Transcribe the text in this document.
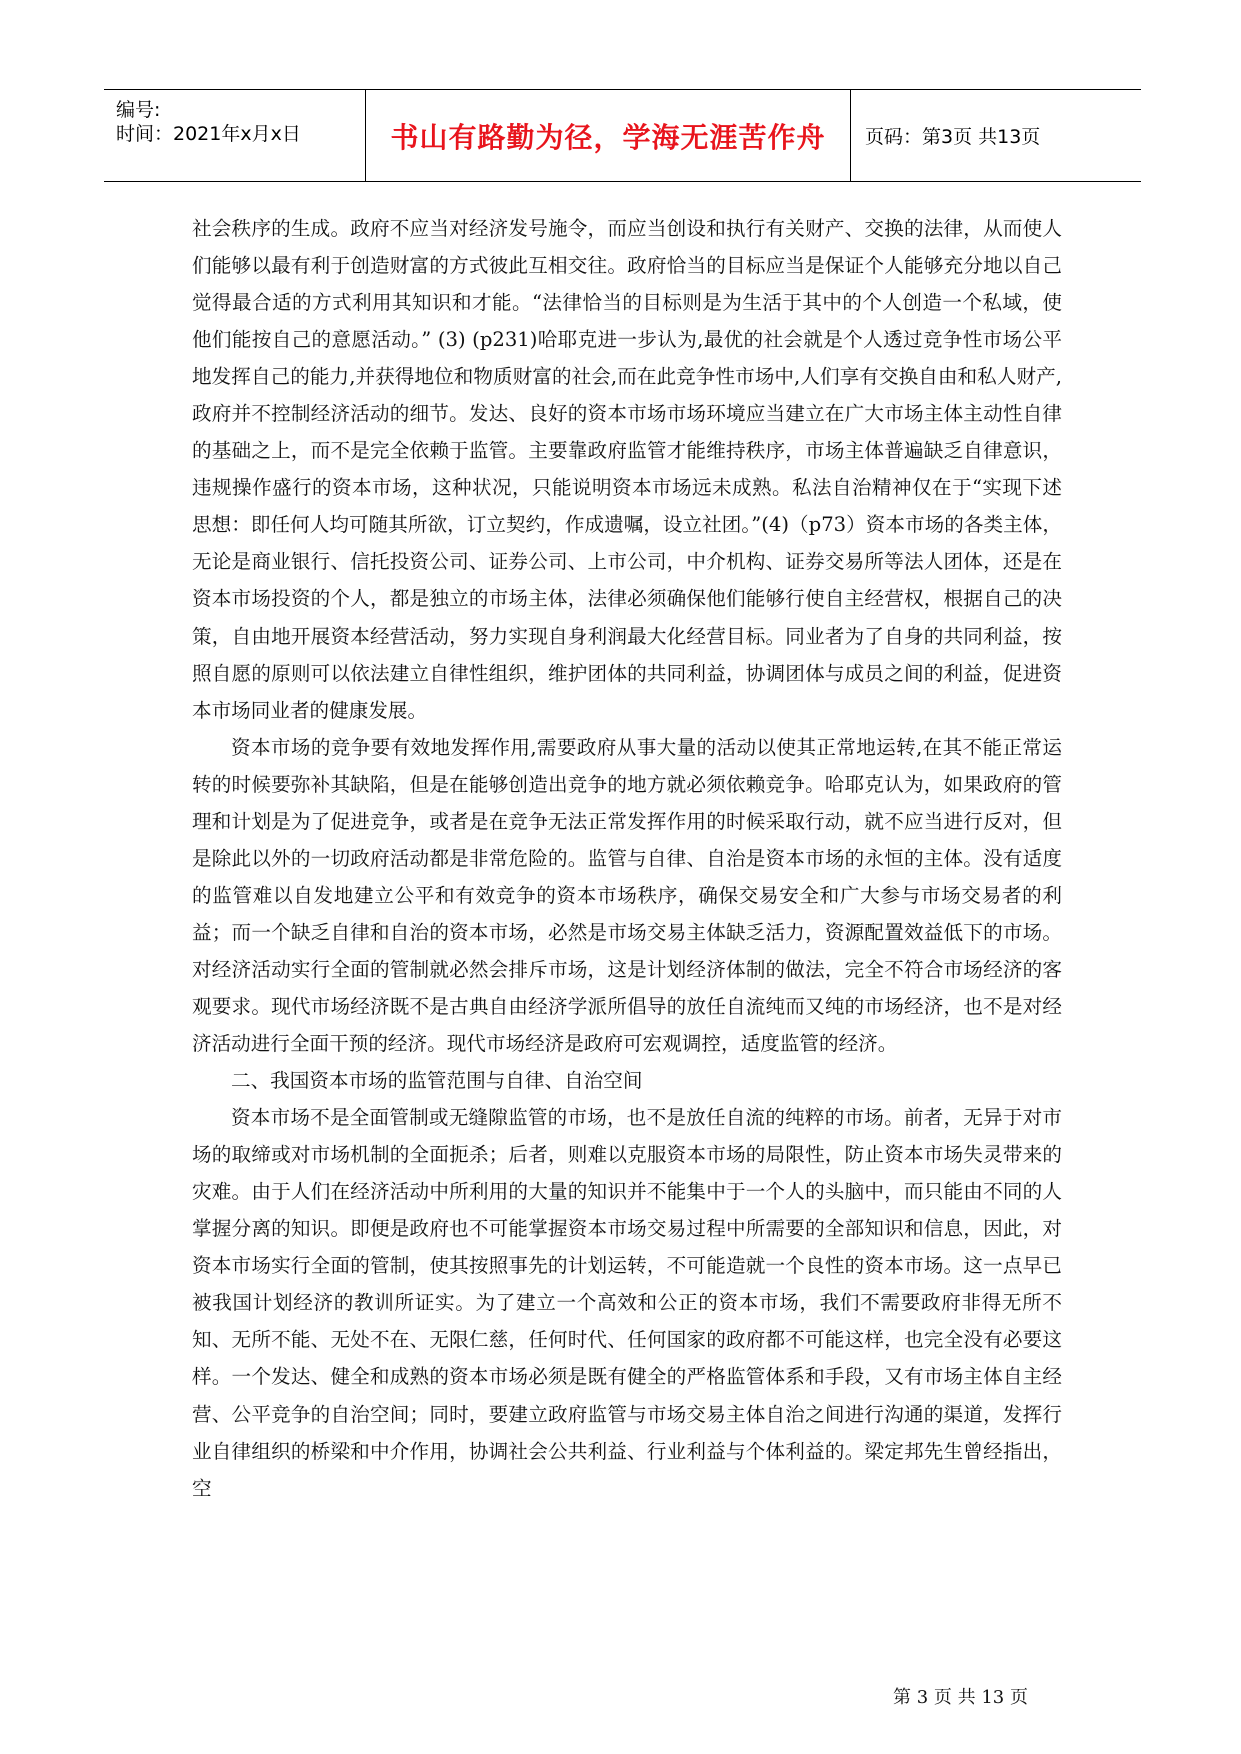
编号:
时间：2021年x月x日	书山有路勤为径，学海无涯苦作舟 页码：第3页 共13页

社会秩序的生成。政府不应当对经济发号施令，而应当创设和执行有关财产、交换的法律，从而使人们能够以最有利于创造财富的方式彼此互相交往。政府恰当的目标应当是保证个人能够充分地以自己觉得最合适的方式利用其知识和才能。“法律恰当的目标则是为生活于其中的个人创造一个私域，使他们能按自己的意愿活动。” (3) (p231)哈耶克进一步认为,最优的社会就是个人透过竞争性市场公平地发挥自己的能力,并获得地位和物质财富的社会,而在此竞争性市场中,人们享有交换自由和私人财产,政府并不控制经济活动的细节。发达、良好的资本市场市场环境应当建立在广大市场主体主动性自律的基础之上，而不是完全依赖于监管。主要靠政府监管才能维持秩序，市场主体普遍缺乏自律意识，违规操作盛行的资本市场，这种状况，只能说明资本市场远未成熟。私法自治精神仅在于“实现下述思想：即任何人均可随其所欲，订立契约，作成遗嘱，设立社团。”(4)（p73）资本市场的各类主体，无论是商业银行、信托投资公司、证券公司、上市公司，中介机构、证券交易所等法人团体，还是在资本市场投资的个人，都是独立的市场主体，法律必须确保他们能够行使自主经营权，根据自己的决策，自由地开展资本经营活动，努力实现自身利润最大化经营目标。同业者为了自身的共同利益，按照自愿的原则可以依法建立自律性组织，维护团体的共同利益，协调团体与成员之间的利益，促进资本市场同业者的健康发展。

资本市场的竞争要有效地发挥作用,需要政府从事大量的活动以使其正常地运转,在其不能正常运转的时候要弥补其缺陷，但是在能够创造出竞争的地方就必须依赖竞争。哈耶克认为，如果政府的管理和计划是为了促进竞争，或者是在竞争无法正常发挥作用的时候采取行动，就不应当进行反对，但是除此以外的一切政府活动都是非常危险的。监管与自律、自治是资本市场的永恒的主体。没有适度的监管难以自发地建立公平和有效竞争的资本市场秩序，确保交易安全和广大参与市场交易者的利益；而一个缺乏自律和自治的资本市场，必然是市场交易主体缺乏活力，资源配置效益低下的市场。对经济活动实行全面的管制就必然会排斥市场，这是计划经济体制的做法，完全不符合市场经济的客观要求。现代市场经济既不是古典自由经济学派所倡导的放任自流纯而又纯的市场经济，也不是对经济活动进行全面干预的经济。现代市场经济是政府可宏观调控，适度监管的经济。

二、我国资本市场的监管范围与自律、自治空间

资本市场不是全面管制或无缝隙监管的市场，也不是放任自流的纯粹的市场。前者，无异于对市场的取缔或对市场机制的全面扼杀；后者，则难以克服资本市场的局限性，防止资本市场失灵带来的灾难。由于人们在经济活动中所利用的大量的知识并不能集中于一个人的头脑中，而只能由不同的人掌握分离的知识。即便是政府也不可能掌握资本市场交易过程中所需要的全部知识和信息，因此，对资本市场实行全面的管制，使其按照事先的计划运转，不可能造就一个良性的资本市场。这一点早已被我国计划经济的教训所证实。为了建立一个高效和公正的资本市场，我们不需要政府非得无所不知、无所不能、无处不在、无限仁慈，任何时代、任何国家的政府都不可能这样，也完全没有必要这样。一个发达、健全和成熟的资本市场必须是既有健全的严格监管体系和手段，又有市场主体自主经营、公平竞争的自治空间；同时，要建立政府监管与市场交易主体自治之间进行沟通的渠道，发挥行业自律组织的桥梁和中介作用，协调社会公共利益、行业利益与个体利益的。梁定邦先生曾经指出，空

第 3 页 共 13 页
